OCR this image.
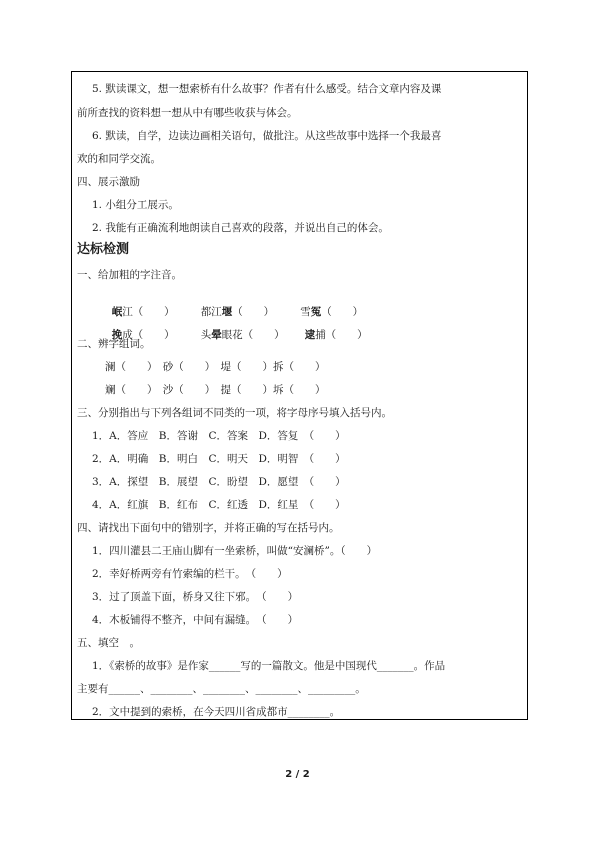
5. 默读课文，想一想索桥有什么故事？作者有什么感受。结合文章内容及课
前所查找的资料想一想从中有哪些收获与体会。
6. 默读，自学，边读边画相关语句，做批注。从这些故事中选择一个我最喜
欢的和同学交流。
四、展示激励
1. 小组分工展示。
2. 我能有正确流利地朗读自己喜欢的段落，并说出自己的体会。
达标检测
一、给加粗的字注音。

岷江（　　） 都江堰（　　） 雪冤（　　）

挽成（　　） 头晕眼花（　　） 逮捕（　　）

二、辨字组词。
澜（　　）　砂（　　）　堤（　　）拆（　　）
斓（　　）　沙（　　）　提（　　）坼（　　）
三、分别指出与下列各组词不同类的一项，将字母序号填入括号内。
1．A．答应　B．答谢　C．答案　D．答复　（　　）
2．A．明确　B．明白　C．明天　D．明智　（　　）
3．A．探望　B．展望　C．盼望　D．愿望　（　　）
4．A．红旗　B．红布　C．红透　D．红星　（　　）
四、请找出下面句中的错别字，并将正确的写在括号内。
1．四川灌县二王庙山脚有一坐索桥，叫做“安澜桥”。（　　）
2．幸好桥两旁有竹索编的栏干。　（　　）
3．过了顶盖下面，桥身又往下邪。　（　　）
4．木板铺得不整齐，中间有漏缝。　（　　）
五、填空　。
1．《索桥的故事》是作家______写的一篇散文。他是中国现代_______。作品
主要有______、________、________、________、_________。
2．文中提到的索桥，在今天四川省成都市________。
2 / 2
